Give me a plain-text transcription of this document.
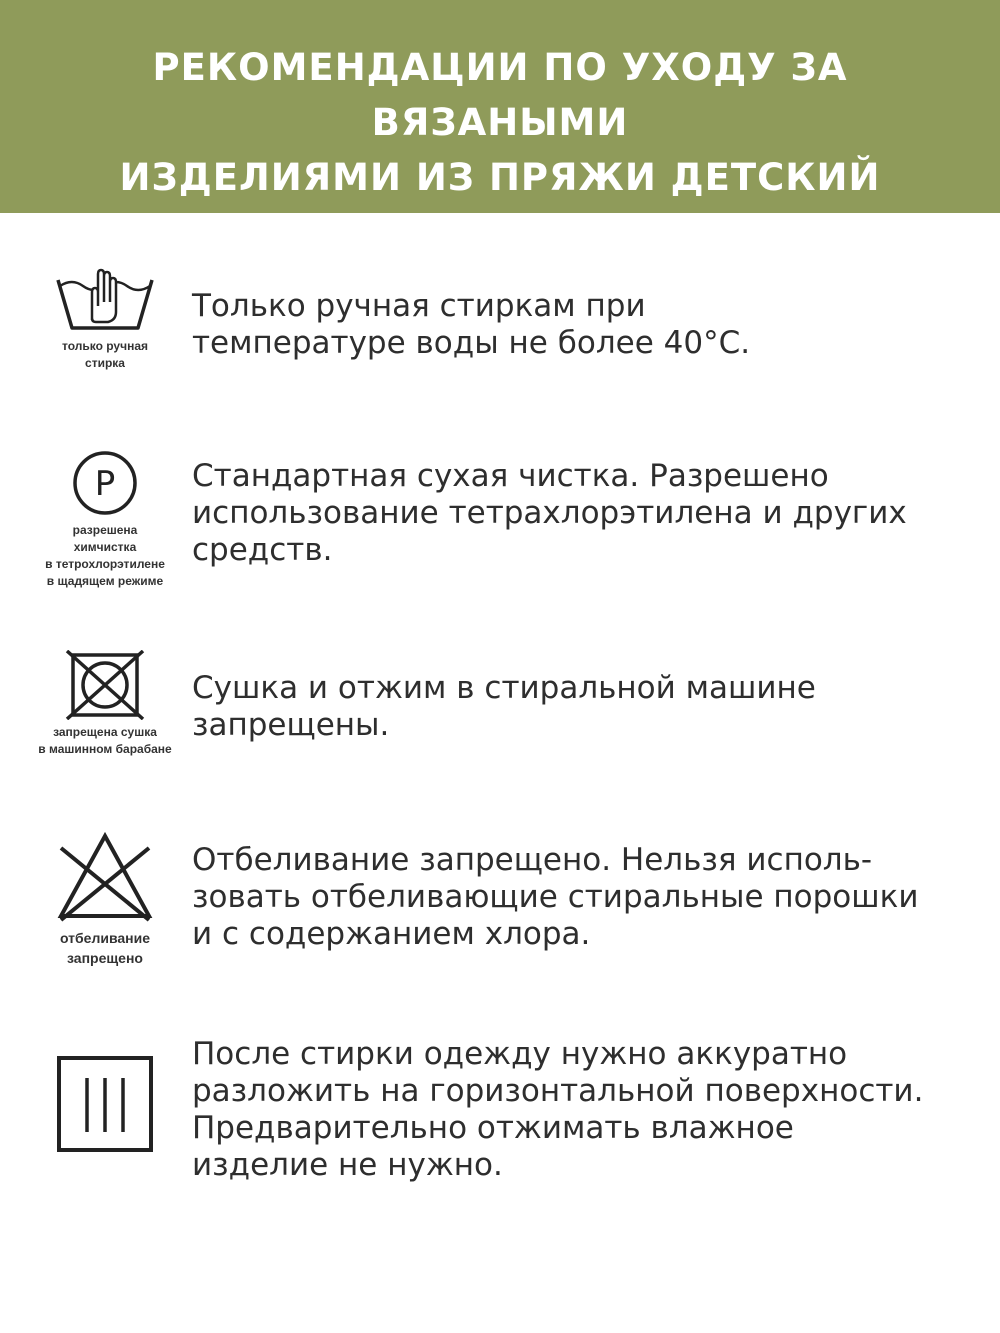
РЕКОМЕНДАЦИИ ПО УХОДУ ЗА ВЯЗАНЫМИ
ИЗДЕЛИЯМИ ИЗ ПРЯЖИ ДЕТСКИЙ ХЛОПОК
только ручная
стирка

Только ручная стиркам при
температуре воды не более 40°С.

P
разрешена
химчистка
в тетрохлорэтилене
в щадящем режиме

Стандартная сухая чистка. Разрешено
использование тетрахлорэтилена и других
средств.

запрещена сушка
в машинном барабане

Сушка и отжим в стиральной машине
запрещены.

отбеливание
запрещено

Отбеливание запрещено. Нельзя исполь-
зовать отбеливающие стиральные порошки
и с содержанием хлора.

После стирки одежду нужно аккуратно
разложить на горизонтальной поверхности.
Предварительно отжимать влажное
изделие не нужно.
